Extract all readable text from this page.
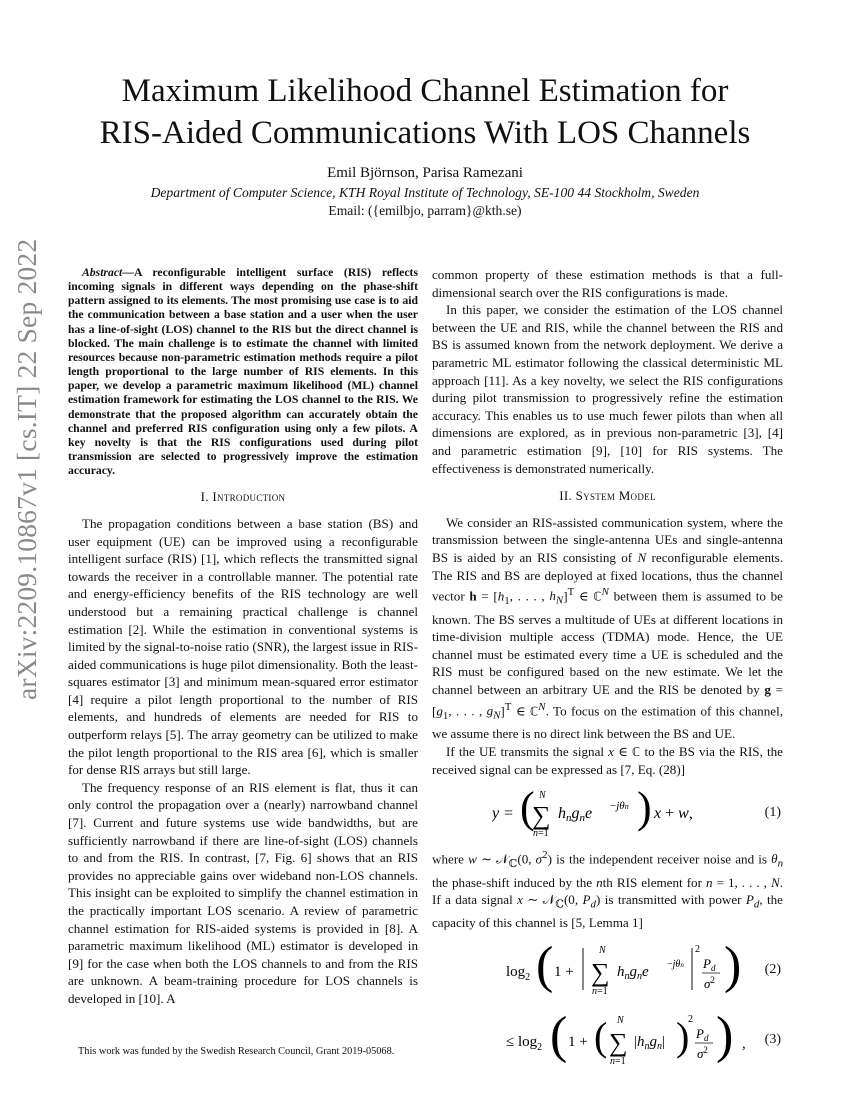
arXiv:2209.10867v1 [cs.IT] 22 Sep 2022
Maximum Likelihood Channel Estimation for
RIS-Aided Communications With LOS Channels
Emil Björnson, Parisa Ramezani
Department of Computer Science, KTH Royal Institute of Technology, SE-100 44 Stockholm, Sweden
Email: ({emilbjo, parram}@kth.se)

Abstract—A reconfigurable intelligent surface (RIS) reflects incoming signals in different ways depending on the phase-shift pattern assigned to its elements. The most promising use case is to aid the communication between a base station and a user when the user has a line-of-sight (LOS) channel to the RIS but the direct channel is blocked. The main challenge is to estimate the channel with limited resources because non-parametric estimation methods require a pilot length proportional to the large number of RIS elements. In this paper, we develop a parametric maximum likelihood (ML) channel estimation framework for estimating the LOS channel to the RIS. We demonstrate that the proposed algorithm can accurately obtain the channel and preferred RIS configuration using only a few pilots. A key novelty is that the RIS configurations used during pilot transmission are selected to progressively improve the estimation accuracy.

I. Introduction

The propagation conditions between a base station (BS) and user equipment (UE) can be improved using a reconfigurable intelligent surface (RIS) [1], which reflects the transmitted signal towards the receiver in a controllable manner. The potential rate and energy-efficiency benefits of the RIS technology are well understood but a remaining practical challenge is channel estimation [2]. While the estimation in conventional systems is limited by the signal-to-noise ratio (SNR), the largest issue in RIS-aided communications is huge pilot dimensionality. Both the least-squares estimator [3] and minimum mean-squared error estimator [4] require a pilot length proportional to the number of RIS elements, and hundreds of elements are needed for RIS to outperform relays [5]. The array geometry can be utilized to make the pilot length proportional to the RIS area [6], which is smaller for dense RIS arrays but still large.

The frequency response of an RIS element is flat, thus it can only control the propagation over a (nearly) narrowband channel [7]. Current and future systems use wide bandwidths, but are sufficiently narrowband if there are line-of-sight (LOS) channels to and from the RIS. In contrast, [7, Fig. 6] shows that an RIS provides no appreciable gains over wideband non-LOS channels. This insight can be exploited to simplify the channel estimation in the practically important LOS scenario. A review of parametric channel estimation for RIS-aided systems is provided in [8]. A parametric maximum likelihood (ML) estimator is developed in [9] for the case when both the LOS channels to and from the RIS are unknown. A beam-training procedure for LOS channels is developed in [10]. A

This work was funded by the Swedish Research Council, Grant 2019-05068.

common property of these estimation methods is that a full-dimensional search over the RIS configurations is made.

In this paper, we consider the estimation of the LOS channel between the UE and RIS, while the channel between the RIS and BS is assumed known from the network deployment. We derive a parametric ML estimator following the classical deterministic ML approach [11]. As a key novelty, we select the RIS configurations during pilot transmission to progressively refine the estimation accuracy. This enables us to use much fewer pilots than when all dimensions are explored, as in previous non-parametric [3], [4] and parametric estimation [9], [10] for RIS systems. The effectiveness is demonstrated numerically.

II. System Model

We consider an RIS-assisted communication system, where the transmission between the single-antenna UEs and single-antenna BS is aided by an RIS consisting of N reconfigurable elements. The RIS and BS are deployed at fixed locations, thus the channel vector $h = [h_1$, . . . , $h_N]^T$ ∈ ℂ$^N$ between them is assumed to be known. The BS serves a multitude of UEs at different locations in time-division multiple access (TDMA) mode. Hence, the UE channel must be estimated every time a UE is scheduled and the RIS must be configured based on the new estimate. We let the channel between an arbitrary UE and the RIS be denoted by $g = [g_1$, . . . , $g_N]^T$ ∈ ℂ$^N$. To focus on the estimation of this channel, we assume there is no direct link between the BS and UE.

If the UE transmits the signal x ∈ ℂ to the BS via the RIS, the received signal can be expressed as [7, Eq. (28)]

y = ( N
∑
n=1
hngne −jθn ) x + w,	(1)

where w ∼ 𝒩$_ℂ$(0, $\sigma^2$) is the independent receiver noise and is $\theta_n$ the phase-shift induced by the nth RIS element for n = 1, . . . , N. If a data signal x ∼ 𝒩$_ℂ$(0, $P_d$) is transmitted with power $P_d$, the capacity of this channel is [5, Lemma 1]

$\log_2$ ( 1 +
N
∑
n=1
$h_ng_ne -j\theta n$
2
$P_d$
$\sigma^2$ ) (2)
≤ $\log_2$ ( 1 + ( N
∑
n=1
$|h_ng_n|$ )
2
$P_d$
$\sigma^2$ ) , (3)
